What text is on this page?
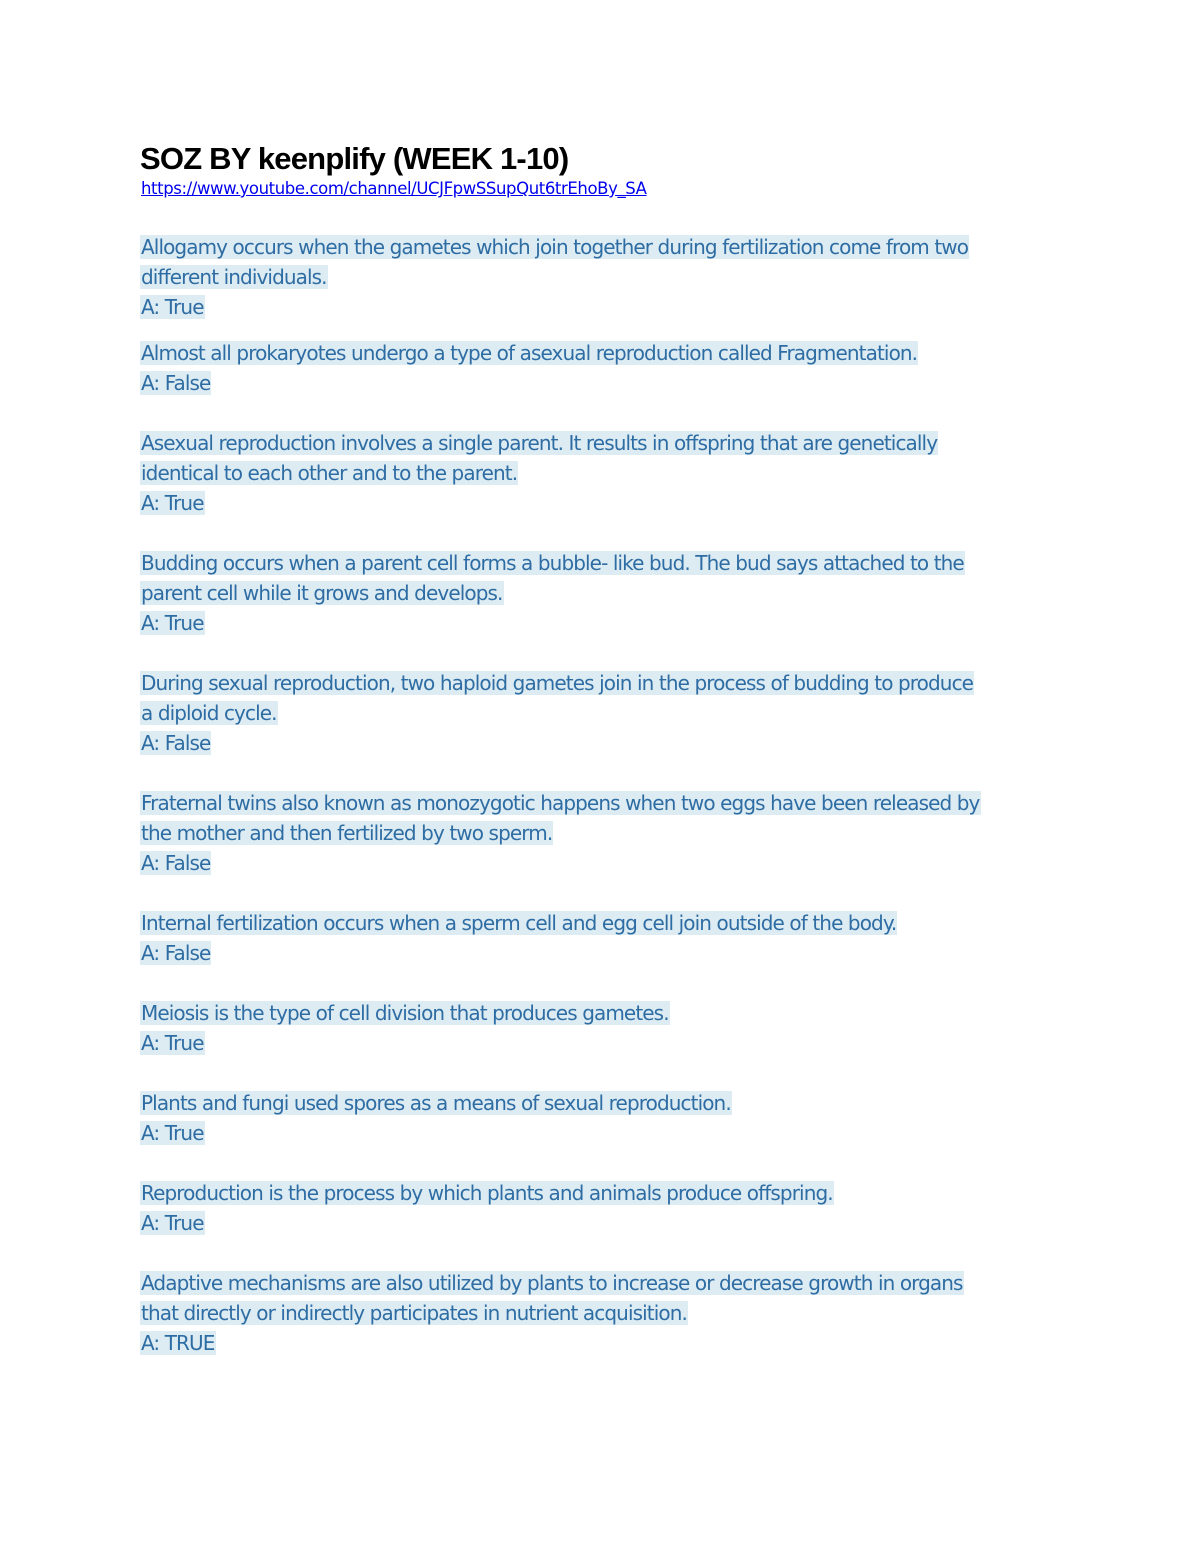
SOZ BY keenplify (WEEK 1-10)
https://www.youtube.com/channel/UCJFpwSSupQut6trEhoBy_SA
Allogamy occurs when the gametes which join together during fertilization come from two
different individuals.
A: True
Almost all prokaryotes undergo a type of asexual reproduction called Fragmentation.
A: False
Asexual reproduction involves a single parent. It results in offspring that are genetically
identical to each other and to the parent.
A: True
Budding occurs when a parent cell forms a bubble- like bud. The bud says attached to the
parent cell while it grows and develops.
A: True
During sexual reproduction, two haploid gametes join in the process of budding to produce
a diploid cycle.
A: False
Fraternal twins also known as monozygotic happens when two eggs have been released by
the mother and then fertilized by two sperm.
A: False
Internal fertilization occurs when a sperm cell and egg cell join outside of the body.
A: False
Meiosis is the type of cell division that produces gametes.
A: True
Plants and fungi used spores as a means of sexual reproduction.
A: True
Reproduction is the process by which plants and animals produce offspring.
A: True
Adaptive mechanisms are also utilized by plants to increase or decrease growth in organs
that directly or indirectly participates in nutrient acquisition.
A: TRUE
